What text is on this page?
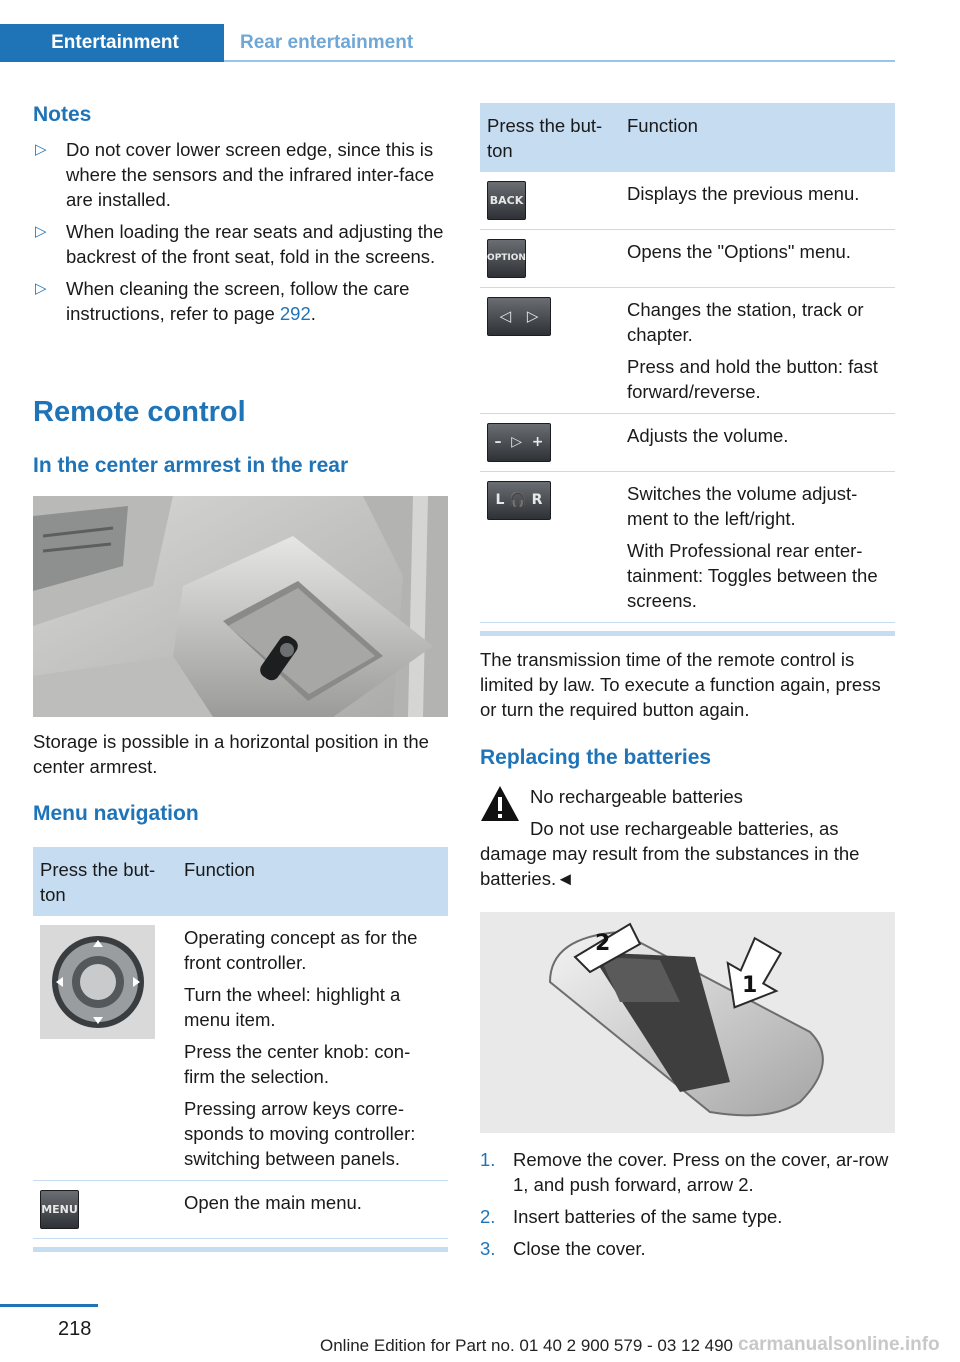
Entertainment	Rear entertainment
Notes
▷ Do not cover lower screen edge, since this is where the sensors and the infrared inter‐face are installed.
▷ When loading the rear seats and adjusting the backrest of the front seat, fold in the screens.
▷ When cleaning the screen, follow the care instructions, refer to page 292.
Remote control
In the center armrest in the rear
Storage is possible in a horizontal position in the center armrest.
Menu navigation
Press the but‐ton	Function

Operating concept as for the front controller.

Turn the wheel: highlight a menu item.

Press the center knob: con‐firm the selection.

Pressing arrow keys corre‐sponds to moving controller: switching between panels.

MENU	Open the main menu.

Press the but‐ton	Function

BACK	Displays the previous menu.

OPTION	Opens the "Options" menu.

◁   ▷	Changes the station, track or chapter.

Press and hold the button: fast forward/reverse.

–  ▷  +	Adjusts the volume.

L 🎧 R	Switches the volume adjust‐ment to the left/right.

With Professional rear enter‐tainment: Toggles between the screens.

The transmission time of the remote control is limited by law. To execute a function again, press or turn the required button again.
Replacing the batteries
No rechargeable batteries
Do not use rechargeable batteries, as damage may result from the substances in the batteries.◄
2
1
1. Remove the cover. Press on the cover, ar‐row 1, and push forward, arrow 2.
2. Insert batteries of the same type.
3. Close the cover.
218
Online Edition for Part no. 01 40 2 900 579 - 03 12 490 carmanualsonline.info
